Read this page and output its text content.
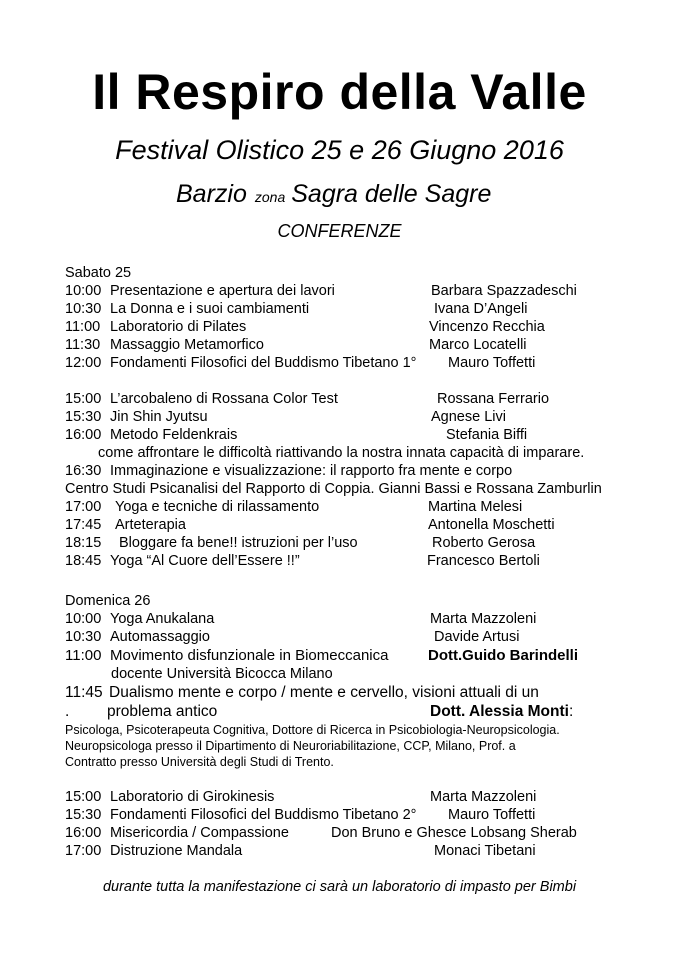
Il Respiro della Valle
Festival Olistico 25 e 26 Giugno 2016
Barzio zona Sagra delle Sagre
CONFERENZE
Sabato 25
10:00 Presentazione e apertura dei lavori	Barbara Spazzadeschi
10:30 La Donna e i suoi cambiamenti	Ivana D’Angeli
11:00 Laboratorio di Pilates	Vincenzo Recchia
11:30 Massaggio Metamorfico	Marco Locatelli
12:00 Fondamenti Filosofici del Buddismo Tibetano 1° Mauro Toffetti
15:00 L’arcobaleno di Rossana Color Test	Rossana Ferrario
15:30 Jin Shin Jyutsu	Agnese Livi
16:00 Metodo Feldenkrais	Stefania Biffi
come affrontare le difficoltà riattivando la nostra innata capacità di imparare.
16:30 Immaginazione e visualizzazione: il rapporto fra mente e corpo
Centro Studi Psicanalisi del Rapporto di Coppia. Gianni Bassi e Rossana Zamburlin
17:00 Yoga e tecniche di rilassamento	Martina Melesi
17:45 Arteterapia	Antonella Moschetti
18:15 Bloggare fa bene!! istruzioni per l’uso	Roberto Gerosa
18:45 Yoga “Al Cuore dell’Essere !!”	Francesco Bertoli
Domenica 26
10:00 Yoga Anukalana	Marta Mazzoleni
10:30 Automassaggio	Davide Artusi
11:00 Movimento disfunzionale in Biomeccanica	Dott.Guido Barindelli
docente Università Bicocca Milano
11:45 Dualismo mente e corpo / mente e cervello, visioni attuali di un
. problema antico	Dott. Alessia Monti:
Psicologa, Psicoterapeuta Cognitiva, Dottore di Ricerca in Psicobiologia-Neuropsicologia.
Neuropsicologa presso il Dipartimento di Neuroriabilitazione, CCP, Milano, Prof. a
Contratto presso Università degli Studi di Trento.
15:00 Laboratorio di Girokinesis	Marta Mazzoleni
15:30 Fondamenti Filosofici del Buddismo Tibetano 2° Mauro Toffetti
16:00 Misericordia / Compassione	Don Bruno e Ghesce Lobsang Sherab
17:00 Distruzione Mandala	Monaci Tibetani
durante tutta la manifestazione ci sarà un laboratorio di impasto per Bimbi
